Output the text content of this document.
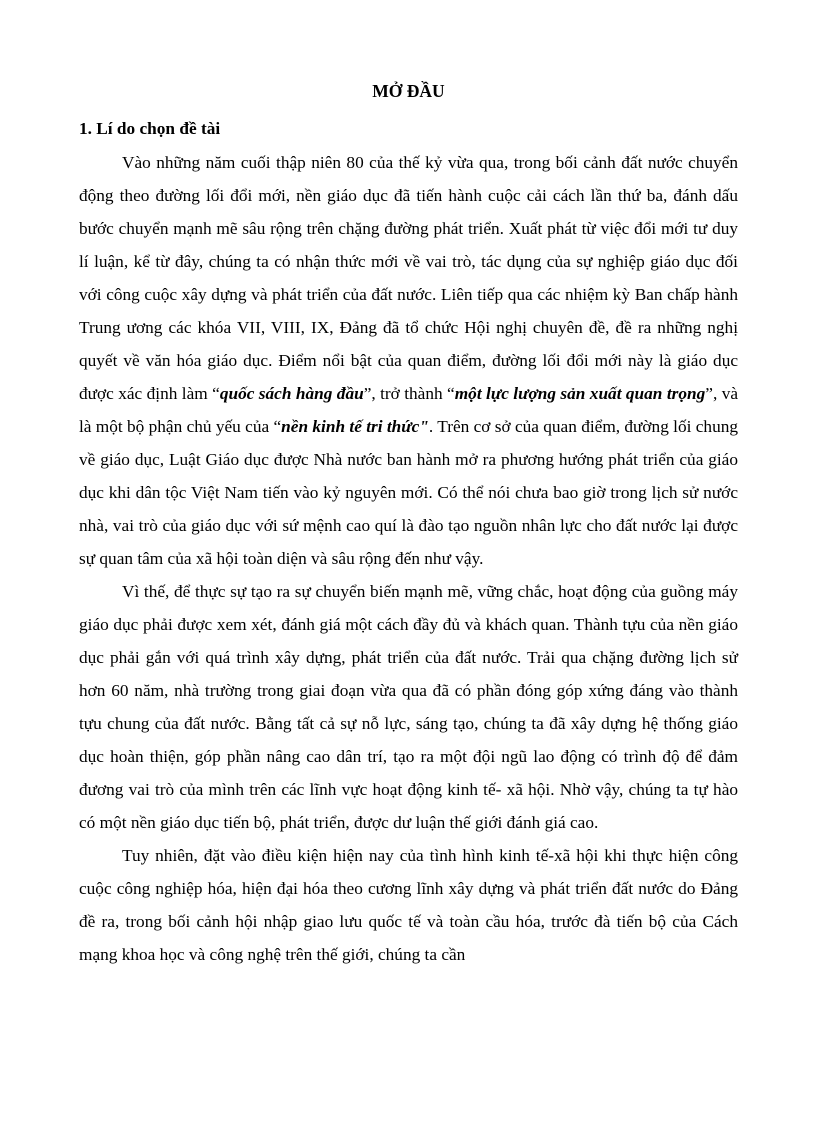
MỞ ĐẦU
1. Lí do chọn đề tài

Vào những năm cuối thập niên 80 của thế kỷ vừa qua, trong bối cảnh đất nước chuyển động theo đường lối đổi mới, nền giáo dục đã tiến hành cuộc cải cách lần thứ ba, đánh dấu bước chuyển mạnh mẽ sâu rộng trên chặng đường phát triển. Xuất phát từ việc đổi mới tư duy lí luận, kể từ đây, chúng ta có nhận thức mới về vai trò, tác dụng của sự nghiệp giáo dục đối với công cuộc xây dựng và phát triển của đất nước. Liên tiếp qua các nhiệm kỳ Ban chấp hành Trung ương các khóa VII, VIII, IX, Đảng đã tổ chức Hội nghị chuyên đề, đề ra những nghị quyết về văn hóa giáo dục. Điểm nổi bật của quan điểm, đường lối đổi mới này là giáo dục được xác định làm “quốc sách hàng đầu”, trở thành “một lực lượng sản xuất quan trọng”, và là một bộ phận chủ yếu của “nền kinh tế tri thức". Trên cơ sở của quan điểm, đường lối chung về giáo dục, Luật Giáo dục được Nhà nước ban hành mở ra phương hướng phát triển của giáo dục khi dân tộc Việt Nam tiến vào kỷ nguyên mới. Có thể nói chưa bao giờ trong lịch sử nước nhà, vai trò của giáo dục với sứ mệnh cao quí là đào tạo nguồn nhân lực cho đất nước lại được sự quan tâm của xã hội toàn diện và sâu rộng đến như vậy.

Vì thế, để thực sự tạo ra sự chuyển biến mạnh mẽ, vững chắc, hoạt động của guồng máy giáo dục phải được xem xét, đánh giá một cách đầy đủ và khách quan. Thành tựu của nền giáo dục phải gắn với quá trình xây dựng, phát triển của đất nước. Trải qua chặng đường lịch sử hơn 60 năm, nhà trường trong giai đoạn vừa qua đã có phần đóng góp xứng đáng vào thành tựu chung của đất nước. Bằng tất cả sự nỗ lực, sáng tạo, chúng ta đã xây dựng hệ thống giáo dục hoàn thiện, góp phần nâng cao dân trí, tạo ra một đội ngũ lao động có trình độ để đảm đương vai trò của mình trên các lĩnh vực hoạt động kinh tế- xã hội. Nhờ vậy, chúng ta tự hào có một nền giáo dục tiến bộ, phát triển, được dư luận thế giới đánh giá cao.

Tuy nhiên, đặt vào điều kiện hiện nay của tình hình kinh tế-xã hội khi thực hiện công cuộc công nghiệp hóa, hiện đại hóa theo cương lĩnh xây dựng và phát triển đất nước do Đảng đề ra, trong bối cảnh hội nhập giao lưu quốc tế và toàn cầu hóa, trước đà tiến bộ của Cách mạng khoa học và công nghệ trên thế giới, chúng ta cần
